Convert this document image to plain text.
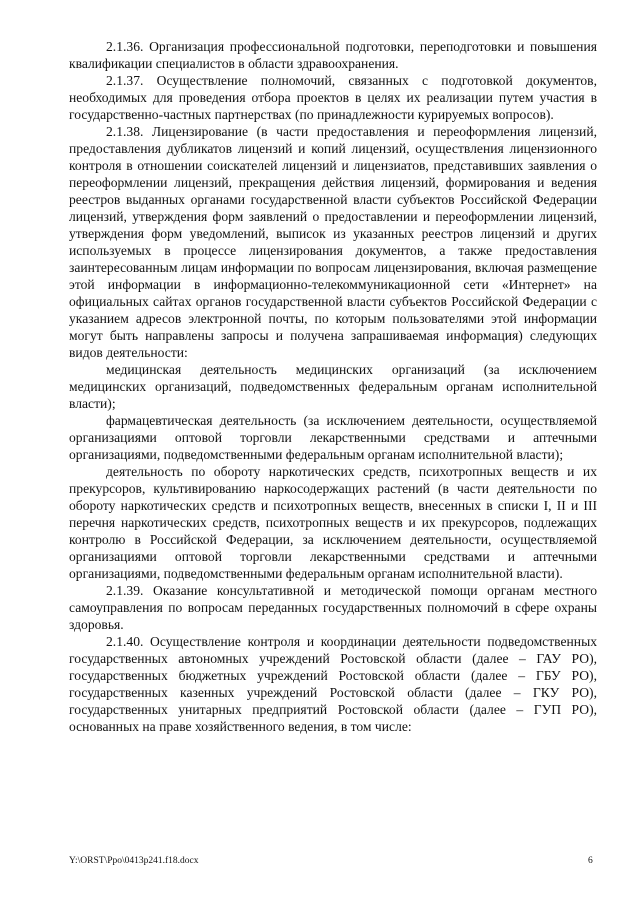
2.1.36. Организация профессиональной подготовки, переподготовки и повышения квалификации специалистов в области здравоохранения.

2.1.37. Осуществление полномочий, связанных с подготовкой документов, необходимых для проведения отбора проектов в целях их реализации путем участия в государственно-частных партнерствах (по принадлежности курируемых вопросов).

2.1.38. Лицензирование (в части предоставления и переоформления лицензий, предоставления дубликатов лицензий и копий лицензий, осуществления лицензионного контроля в отношении соискателей лицензий и лицензиатов, представивших заявления о переоформлении лицензий, прекращения действия лицензий, формирования и ведения реестров выданных органами государственной власти субъектов Российской Федерации лицензий, утверждения форм заявлений о предоставлении и переоформлении лицензий, утверждения форм уведомлений, выписок из указанных реестров лицензий и других используемых в процессе лицензирования документов, а также предоставления заинтересованным лицам информации по вопросам лицензирования, включая размещение этой информации в информационно-телекоммуникационной сети «Интернет» на официальных сайтах органов государственной власти субъектов Российской Федерации с указанием адресов электронной почты, по которым пользователями этой информации могут быть направлены запросы и получена запрашиваемая информация) следующих видов деятельности:

медицинская деятельность медицинских организаций (за исключением медицинских организаций, подведомственных федеральным органам исполнительной власти);

фармацевтическая деятельность (за исключением деятельности, осуществляемой организациями оптовой торговли лекарственными средствами и аптечными организациями, подведомственными федеральным органам исполнительной власти);

деятельность по обороту наркотических средств, психотропных веществ и их прекурсоров, культивированию наркосодержащих растений (в части деятельности по обороту наркотических средств и психотропных веществ, внесенных в списки I, II и III перечня наркотических средств, психотропных веществ и их прекурсоров, подлежащих контролю в Российской Федерации, за исключением деятельности, осуществляемой организациями оптовой торговли лекарственными средствами и аптечными организациями, подведомственными федеральным органам исполнительной власти).

2.1.39. Оказание консультативной и методической помощи органам местного самоуправления по вопросам переданных государственных полномочий в сфере охраны здоровья.

2.1.40. Осуществление контроля и координации деятельности подведомственных государственных автономных учреждений Ростовской области (далее – ГАУ РО), государственных бюджетных учреждений Ростовской области (далее – ГБУ РО), государственных казенных учреждений Ростовской области (далее – ГКУ РО), государственных унитарных предприятий Ростовской области (далее – ГУП РО), основанных на праве хозяйственного ведения, в том числе:

Y:\ORST\Ppo\0413p241.f18.docx	6
